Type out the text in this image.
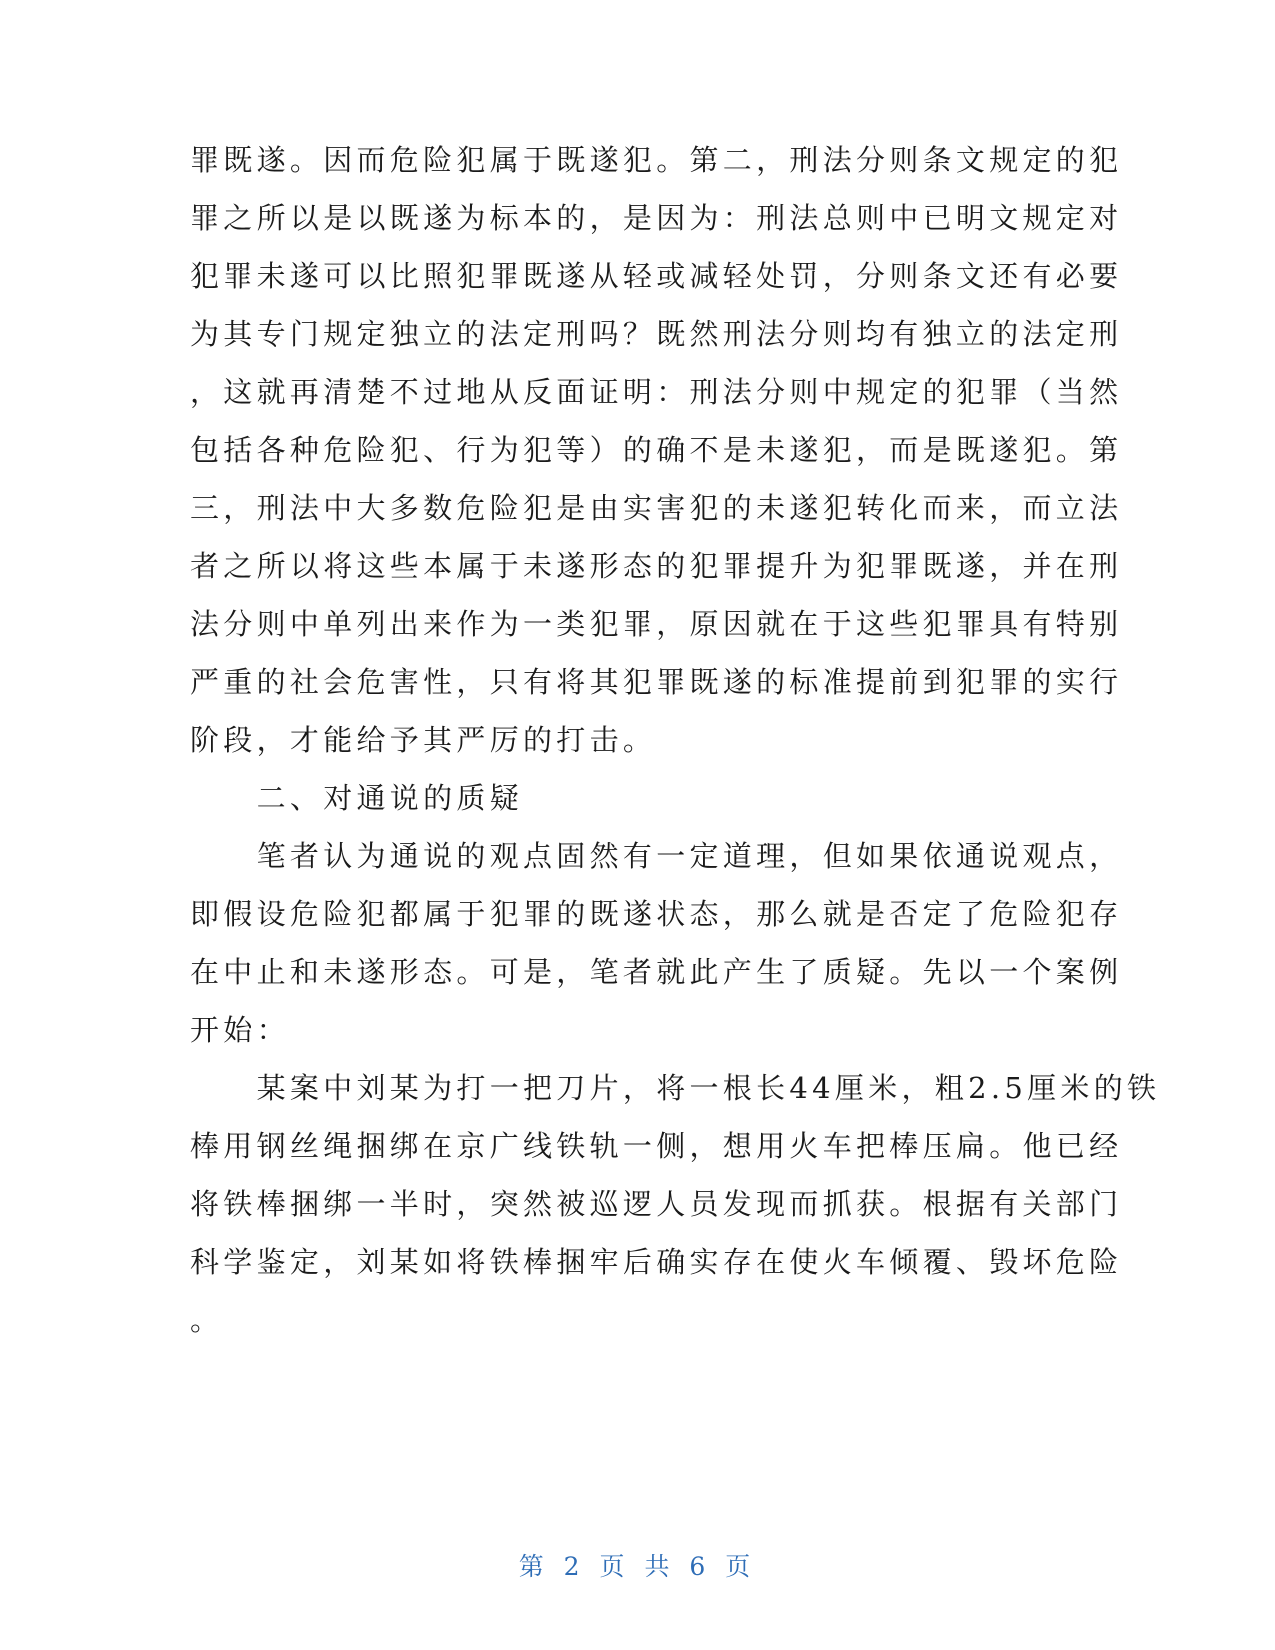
罪既遂。因而危险犯属于既遂犯。第二，刑法分则条文规定的犯
罪之所以是以既遂为标本的，是因为：刑法总则中已明文规定对
犯罪未遂可以比照犯罪既遂从轻或减轻处罚，分则条文还有必要
为其专门规定独立的法定刑吗？既然刑法分则均有独立的法定刑
，这就再清楚不过地从反面证明：刑法分则中规定的犯罪（当然
包括各种危险犯、行为犯等）的确不是未遂犯，而是既遂犯。第
三，刑法中大多数危险犯是由实害犯的未遂犯转化而来，而立法
者之所以将这些本属于未遂形态的犯罪提升为犯罪既遂，并在刑
法分则中单列出来作为一类犯罪，原因就在于这些犯罪具有特别
严重的社会危害性，只有将其犯罪既遂的标准提前到犯罪的实行
阶段，才能给予其严厉的打击。
　　二、对通说的质疑
　　笔者认为通说的观点固然有一定道理，但如果依通说观点，
即假设危险犯都属于犯罪的既遂状态，那么就是否定了危险犯存
在中止和未遂形态。可是，笔者就此产生了质疑。先以一个案例
开始：
　　某案中刘某为打一把刀片，将一根长44厘米，粗2.5厘米的铁
棒用钢丝绳捆绑在京广线铁轨一侧，想用火车把棒压扁。他已经
将铁棒捆绑一半时，突然被巡逻人员发现而抓获。根据有关部门
科学鉴定，刘某如将铁棒捆牢后确实存在使火车倾覆、毁坏危险
。
第 2 页 共 6 页
